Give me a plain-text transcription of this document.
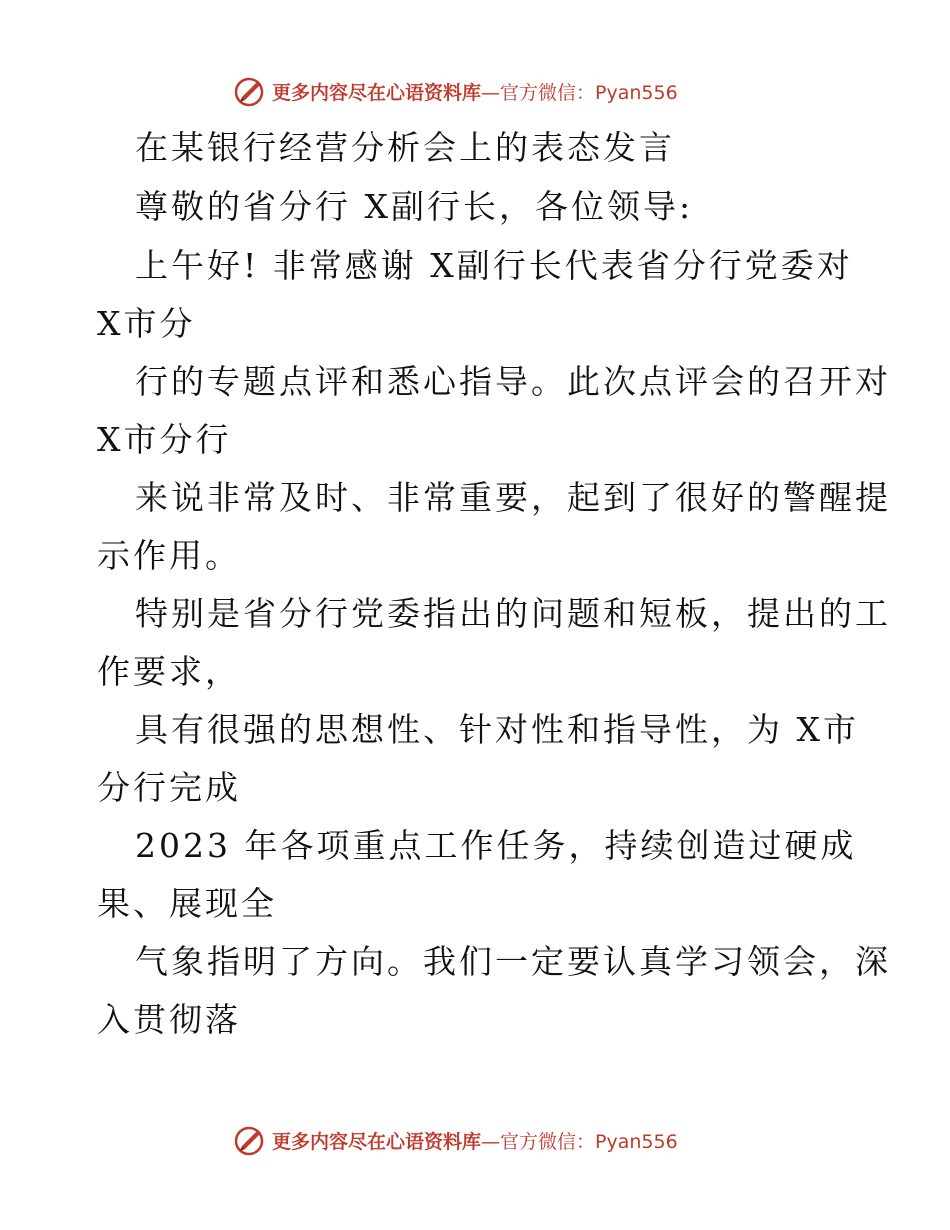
更多内容尽在心语资料库 —官方微信：Pyan556
在某银行经营分析会上的表态发言
尊敬的省分行 X副行长，各位领导:
上午好! 非常感谢 X副行长代表省分行党委对
X市分
行的专题点评和悉心指导。此次点评会的召开对
X市分行
来说非常及时、非常重要，起到了很好的警醒提
示作用。
特别是省分行党委指出的问题和短板，提出的工
作要求，
具有很强的思想性、针对性和指导性，为 X市
分行完成
2023 年各项重点工作任务，持续创造过硬成
果、展现全
气象指明了方向。我们一定要认真学习领会，深
入贯彻落
更多内容尽在心语资料库 —官方微信：Pyan556
